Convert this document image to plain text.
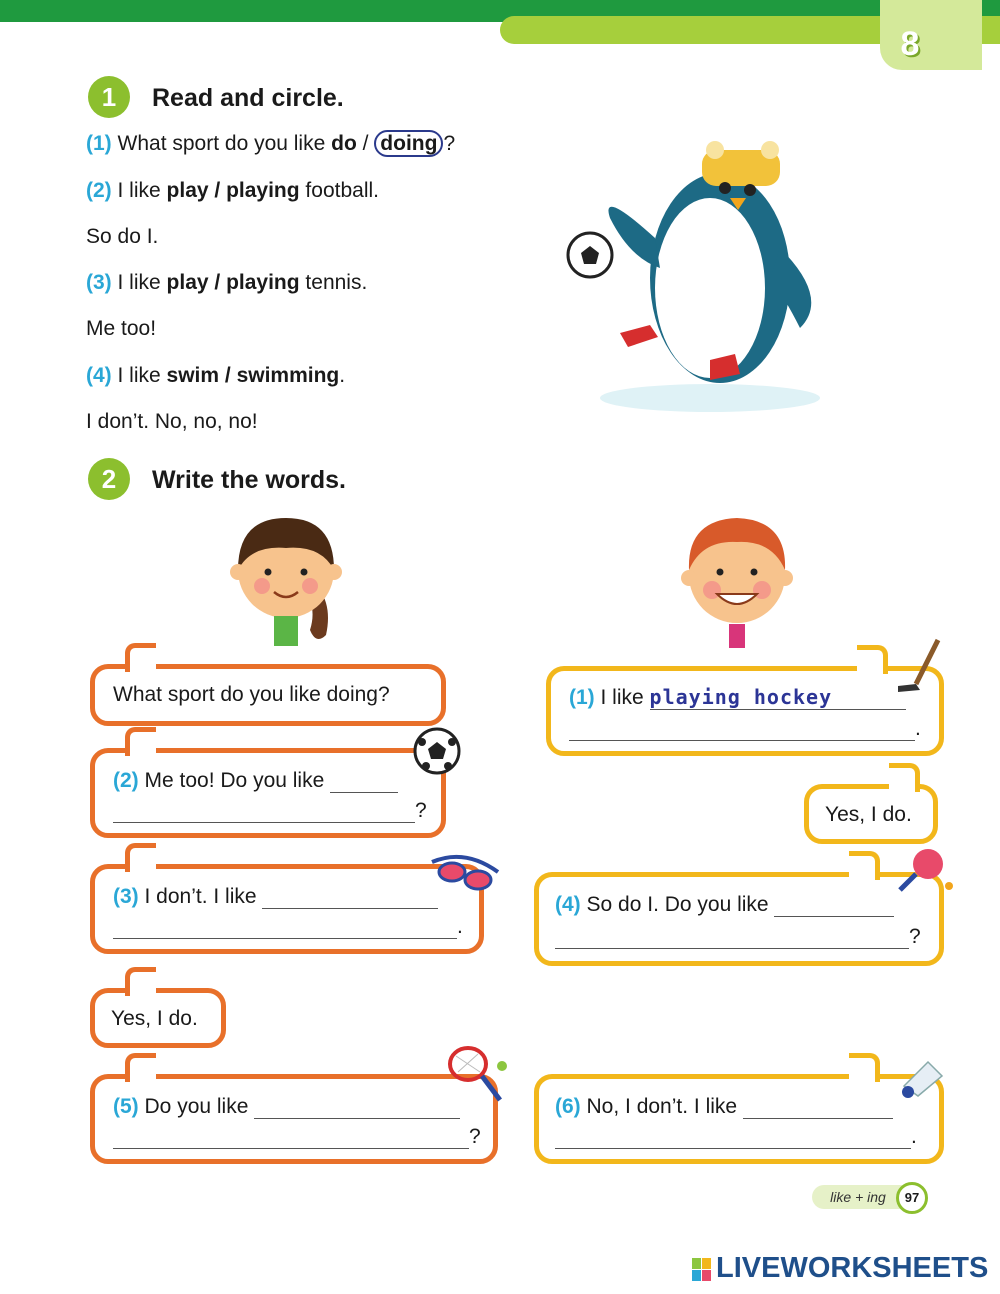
8
1	Read and circle.
(1) What sport do you like do / doing ?
(2) I like play / playing football.
So do I.
(3) I like play / playing tennis.
Me too!
(4) I like swim / swimming.
I don’t. No, no, no!
2	Write the words.
What sport do you like doing?
(2) Me too! Do you like
?
(3) I don’t. I like
.
Yes, I do.
(5) Do you like
?
(1) I like playing hockey
.
Yes, I do.
(4) So do I. Do you like
?
(6) No, I don’t. I like
.
like + ing	97
LIVEWORKSHEETS
